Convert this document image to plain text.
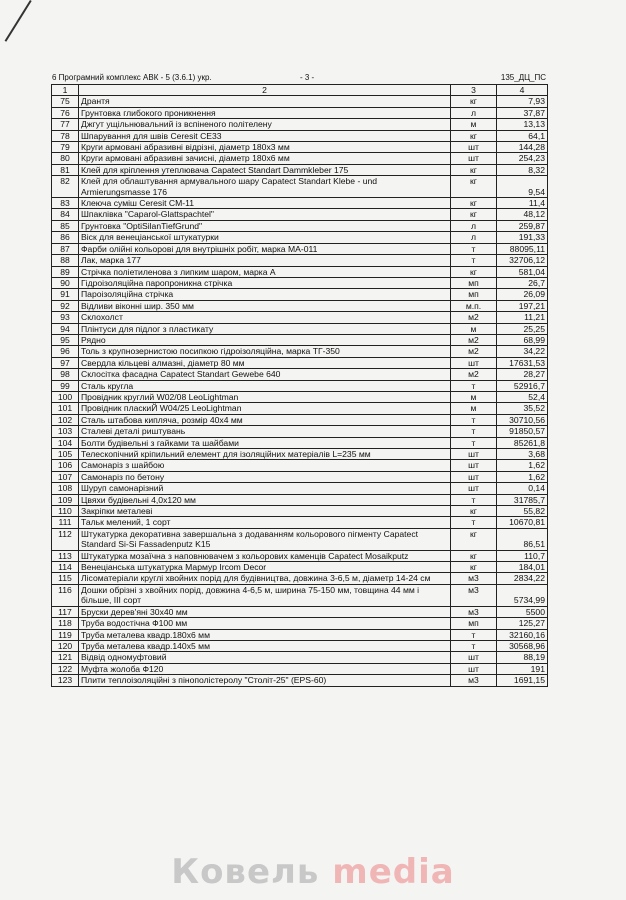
6 Програмний комплекс АВК - 5 (3.6.1) укр.	- 3 -	135_ДЦ_ПС
1	2	3	4
75	Дрантя	кг	7,93
76	Грунтовка глибокого проникнення	л	37,87
77	Джгут ущільнювальний із вспіненого політелену	м	13,13
78	Шпарування для швів Ceresit CE33	кг	64,1
79	Круги армовані абразивні відрізні, діаметр 180х3 мм	шт	144,28
80	Круги армовані абразивні зачисні, діаметр 180х6 мм	шт	254,23
81	Клей для кріплення утеплювача Capatect Standart Dammkleber 175	кг	8,32
82	Клей для облаштування армувального шару Capatect Standart Klebe - und Armierungsmasse 176	кг	9,54
83	Клеюча суміш Ceresit CM-11	кг	11,4
84	Шпаклівка "Caparol-Glattspachtel"	кг	48,12
85	Грунтовка "OptiSilanTiefGrund"	л	259,87
86	Віск для венеціанської штукатурки	л	191,33
87	Фарби олійні кольорові для внутрішніх робіт, марка МА-011	т	88095,11
88	Лак, марка 177	т	32706,12
89	Стрічка поліетиленова з липким шаром, марка А	кг	581,04
90	Гідроізоляційна паропроникна стрічка	мп	26,7
91	Пароізоляційна стрічка	мп	26,09
92	Відливи віконні шир. 350 мм	м.п.	197,21
93	Склохолст	м2	11,21
94	Плінтуси для підлог з пластикату	м	25,25
95	Рядно	м2	68,99
96	Толь з крупнозернистою посипкою гідроізоляційна, марка ТГ-350	м2	34,22
97	Свердла кільцеві алмазні, діаметр 80 мм	шт	17631,53
98	Склосітка фасадна Capatect Standart Gewebe 640	м2	28,27
99	Сталь кругла	т	52916,7
100	Провідник круглий W02/08 LeoLightman	м	52,4
101	Провідник пласкиЙ W04/25 LeoLightman	м	35,52
102	Сталь штабова кипляча, розмір 40х4 мм	т	30710,56
103	Сталеві деталі риштувань	т	91850,57
104	Болти будівельні з гайками та шайбами	т	85261,8
105	Телескопічний кріпильний елемент для ізоляційних матеріалів L=235 мм	шт	3,68
106	Самонаріз з шайбою	шт	1,62
107	Самонаріз по бетону	шт	1,62
108	Шуруп самонарізний	шт	0,14
109	Цвяхи будівельні 4,0х120 мм	т	31785,7
110	Закріпки металеві	кг	55,82
111	Тальк мелений, 1 сорт	т	10670,81
112	Штукатурка декоративна завершальна з додаванням кольорового пігменту Capatect Standard Si-Si Fassadenputz K15	кг	86,51
113	Штукатурка мозаїчна з наповнювачем з кольорових каменців Capatect Mosaikputz	кг	110,7
114	Венеціанська штукатурка Мармур Ircom Decor	кг	184,01
115	Лісоматеріали круглі хвойних порід для будівництва, довжина 3-6,5 м, діаметр 14-24 см	м3	2834,22
116	Дошки обрізні з хвойних порід, довжина 4-6,5 м, ширина 75-150 мм, товщина 44 мм і більше, III сорт	м3	5734,99
117	Бруски дерев'яні 30х40 мм	м3	5500
118	Труба водостічна Ф100 мм	мп	125,27
119	Труба металева квадр.180х6 мм	т	32160,16
120	Труба металева квадр.140х5 мм	т	30568,96
121	Відвід одномуфтовий	шт	88,19
122	Муфта жолоба Ф120	шт	191
123	Плити теплоізоляційні з пінополістеролу "Століт-25" (EPS-60)	м3	1691,15
Ковель media
